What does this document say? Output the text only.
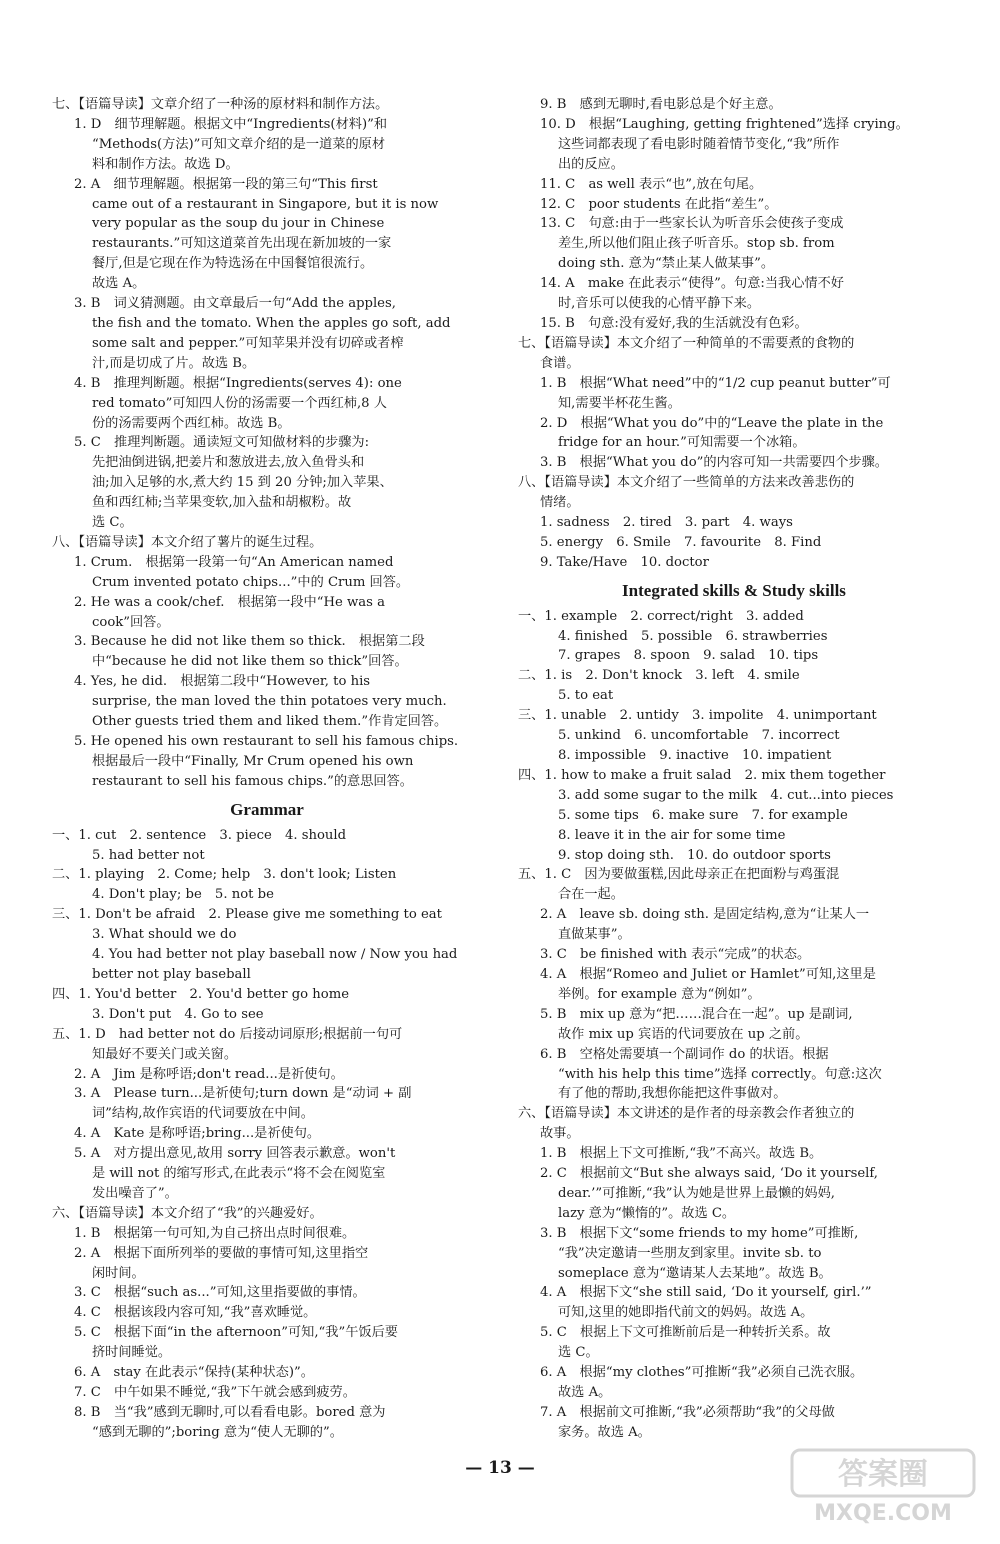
七、【语篇导读】文章介绍了一种汤的原材料和制作方法。
1. D　细节理解题。根据文中“Ingredients(材料)”和
“Methods(方法)”可知文章介绍的是一道菜的原材
料和制作方法。故选 D。
2. A　细节理解题。根据第一段的第三句“This first
came out of a restaurant in Singapore, but it is now
very popular as the soup du jour in Chinese
restaurants.”可知这道菜首先出现在新加坡的一家
餐厅,但是它现在作为特选汤在中国餐馆很流行。
故选 A。
3. B　词义猜测题。由文章最后一句“Add the apples,
the fish and the tomato. When the apples go soft, add
some salt and pepper.”可知苹果并没有切碎或者榨
汁,而是切成了片。故选 B。
4. B　推理判断题。根据“Ingredients(serves 4): one
red tomato”可知四人份的汤需要一个西红柿,8 人
份的汤需要两个西红柿。故选 B。
5. C　推理判断题。通读短文可知做材料的步骤为:
先把油倒进锅,把姜片和葱放进去,放入鱼骨头和
油;加入足够的水,煮大约 15 到 20 分钟;加入苹果、
鱼和西红柿;当苹果变软,加入盐和胡椒粉。故
选 C。
八、【语篇导读】本文介绍了薯片的诞生过程。
1. Crum.　根据第一段第一句“An American named
Crum invented potato chips...”中的 Crum 回答。
2. He was a cook/chef.　根据第一段中“He was a
cook”回答。
3. Because he did not like them so thick.　根据第二段
中“because he did not like them so thick”回答。
4. Yes, he did.　根据第二段中“However, to his
surprise, the man loved the thin potatoes very much.
Other guests tried them and liked them.”作肯定回答。
5. He opened his own restaurant to sell his famous chips.
根据最后一段中“Finally, Mr Crum opened his own
restaurant to sell his famous chips.”的意思回答。
Grammar
一、1. cut　2. sentence　3. piece　4. should
5. had better not
二、1. playing　2. Come; help　3. don't look; Listen
4. Don't play; be　5. not be
三、1. Don't be afraid　2. Please give me something to eat
3. What should we do
4. You had better not play baseball now / Now you had
better not play baseball
四、1. You'd better　2. You'd better go home
3. Don't put　4. Go to see
五、1. D　had better not do 后接动词原形;根据前一句可
知最好不要关门或关窗。
2. A　Jim 是称呼语;don't read...是祈使句。
3. A　Please turn...是祈使句;turn down 是“动词 + 副
词”结构,故作宾语的代词要放在中间。
4. A　Kate 是称呼语;bring...是祈使句。
5. A　对方提出意见,故用 sorry 回答表示歉意。won't
是 will not 的缩写形式,在此表示“将不会在阅览室
发出噪音了”。
六、【语篇导读】本文介绍了“我”的兴趣爱好。
1. B　根据第一句可知,为自己挤出点时间很难。
2. A　根据下面所列举的要做的事情可知,这里指空
闲时间。
3. C　根据“such as...”可知,这里指要做的事情。
4. C　根据该段内容可知,“我”喜欢睡觉。
5. C　根据下面“in the afternoon”可知,“我”午饭后要
挤时间睡觉。
6. A　stay 在此表示“保持(某种状态)”。
7. C　中午如果不睡觉,“我”下午就会感到疲劳。
8. B　当“我”感到无聊时,可以看看电影。bored 意为
“感到无聊的”;boring 意为“使人无聊的”。
9. B　感到无聊时,看电影总是个好主意。
10. D　根据“Laughing, getting frightened”选择 crying。
这些词都表现了看电影时随着情节变化,“我”所作
出的反应。
11. C　as well 表示“也”,放在句尾。
12. C　poor students 在此指“差生”。
13. C　句意:由于一些家长认为听音乐会使孩子变成
差生,所以他们阻止孩子听音乐。stop sb. from
doing sth. 意为“禁止某人做某事”。
14. A　make 在此表示“使得”。句意:当我心情不好
时,音乐可以使我的心情平静下来。
15. B　句意:没有爱好,我的生活就没有色彩。
七、【语篇导读】本文介绍了一种简单的不需要煮的食物的
食谱。
1. B　根据“What need”中的“1/2 cup peanut butter”可
知,需要半杯花生酱。
2. D　根据“What you do”中的“Leave the plate in the
fridge for an hour.”可知需要一个冰箱。
3. B　根据“What you do”的内容可知一共需要四个步骤。
八、【语篇导读】本文介绍了一些简单的方法来改善悲伤的
情绪。
1. sadness　2. tired　3. part　4. ways
5. energy　6. Smile　7. favourite　8. Find
9. Take/Have　10. doctor
Integrated skills & Study skills
一、1. example　2. correct/right　3. added
4. finished　5. possible　6. strawberries
7. grapes　8. spoon　9. salad　10. tips
二、1. is　2. Don't knock　3. left　4. smile
5. to eat
三、1. unable　2. untidy　3. impolite　4. unimportant
5. unkind　6. uncomfortable　7. incorrect
8. impossible　9. inactive　10. impatient
四、1. how to make a fruit salad　2. mix them together
3. add some sugar to the milk　4. cut...into pieces
5. some tips　6. make sure　7. for example
8. leave it in the air for some time
9. stop doing sth.　10. do outdoor sports
五、1. C　因为要做蛋糕,因此母亲正在把面粉与鸡蛋混
合在一起。
2. A　leave sb. doing sth. 是固定结构,意为“让某人一
直做某事”。
3. C　be finished with 表示“完成”的状态。
4. A　根据“Romeo and Juliet or Hamlet”可知,这里是
举例。for example 意为“例如”。
5. B　mix up 意为“把……混合在一起”。up 是副词,
故作 mix up 宾语的代词要放在 up 之前。
6. B　空格处需要填一个副词作 do 的状语。根据
“with his help this time”选择 correctly。句意:这次
有了他的帮助,我想你能把这件事做对。
六、【语篇导读】本文讲述的是作者的母亲教会作者独立的
故事。
1. B　根据上下文可推断,“我”不高兴。故选 B。
2. C　根据前文“But she always said, ‘Do it yourself,
dear.’”可推断,“我”认为她是世界上最懒的妈妈,
lazy 意为“懒惰的”。故选 C。
3. B　根据下文“some friends to my home”可推断,
“我”决定邀请一些朋友到家里。invite sb. to
someplace 意为“邀请某人去某地”。故选 B。
4. A　根据下文“she still said, ‘Do it yourself, girl.’”
可知,这里的她即指代前文的妈妈。故选 A。
5. C　根据上下文可推断前后是一种转折关系。故
选 C。
6. A　根据“my clothes”可推断“我”必须自己洗衣服。
故选 A。
7. A　根据前文可推断,“我”必须帮助“我”的父母做
家务。故选 A。
— 13 —	答案圈
MXQE.COM
